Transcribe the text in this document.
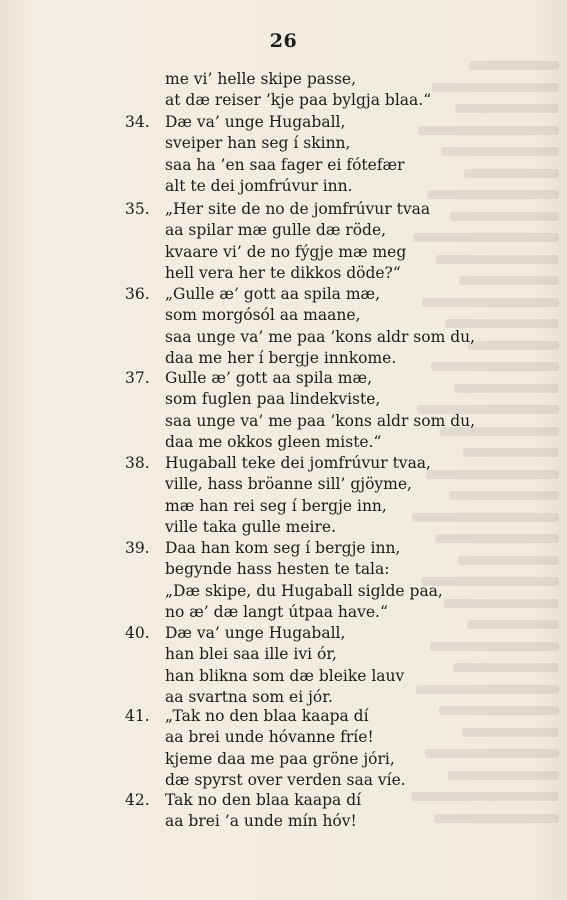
26
me vi’ helle skipe passe,
at dæ reiser ’kje paa bylgja blaa.“
34. Dæ va’ unge Hugaball,
sveiper han seg í skinn,
saa ha ’en saa fager ei fótefær
alt te dei jomfrúvur inn.
35. „Her site de no de jomfrúvur tvaa
aa spilar mæ gulle dæ röde,
kvaare vi’ de no fýgje mæ meg
hell vera her te dikkos döde?“
36. „Gulle æ’ gott aa spila mæ,
som morgósól aa maane,
saa unge va’ me paa ’kons aldr som du,
daa me her í bergje innkome.
37. Gulle æ’ gott aa spila mæ,
som fuglen paa lindekviste,
saa unge va’ me paa ’kons aldr som du,
daa me okkos gleen miste.“
38. Hugaball teke dei jomfrúvur tvaa,
ville, hass bröanne sill’ gjöyme,
mæ han rei seg í bergje inn,
ville taka gulle meire.
39. Daa han kom seg í bergje inn,
begynde hass hesten te tala:
„Dæ skipe, du Hugaball siglde paa,
no æ’ dæ langt útpaa have.“
40. Dæ va’ unge Hugaball,
han blei saa ille ivi ór,
han blikna som dæ bleike lauv
aa svartna som ei jór.
41. „Tak no den blaa kaapa dí
aa brei unde hóvanne fríe!
kjeme daa me paa gröne jóri,
dæ spyrst over verden saa víe.
42. Tak no den blaa kaapa dí
aa brei ’a unde mín hóv!
